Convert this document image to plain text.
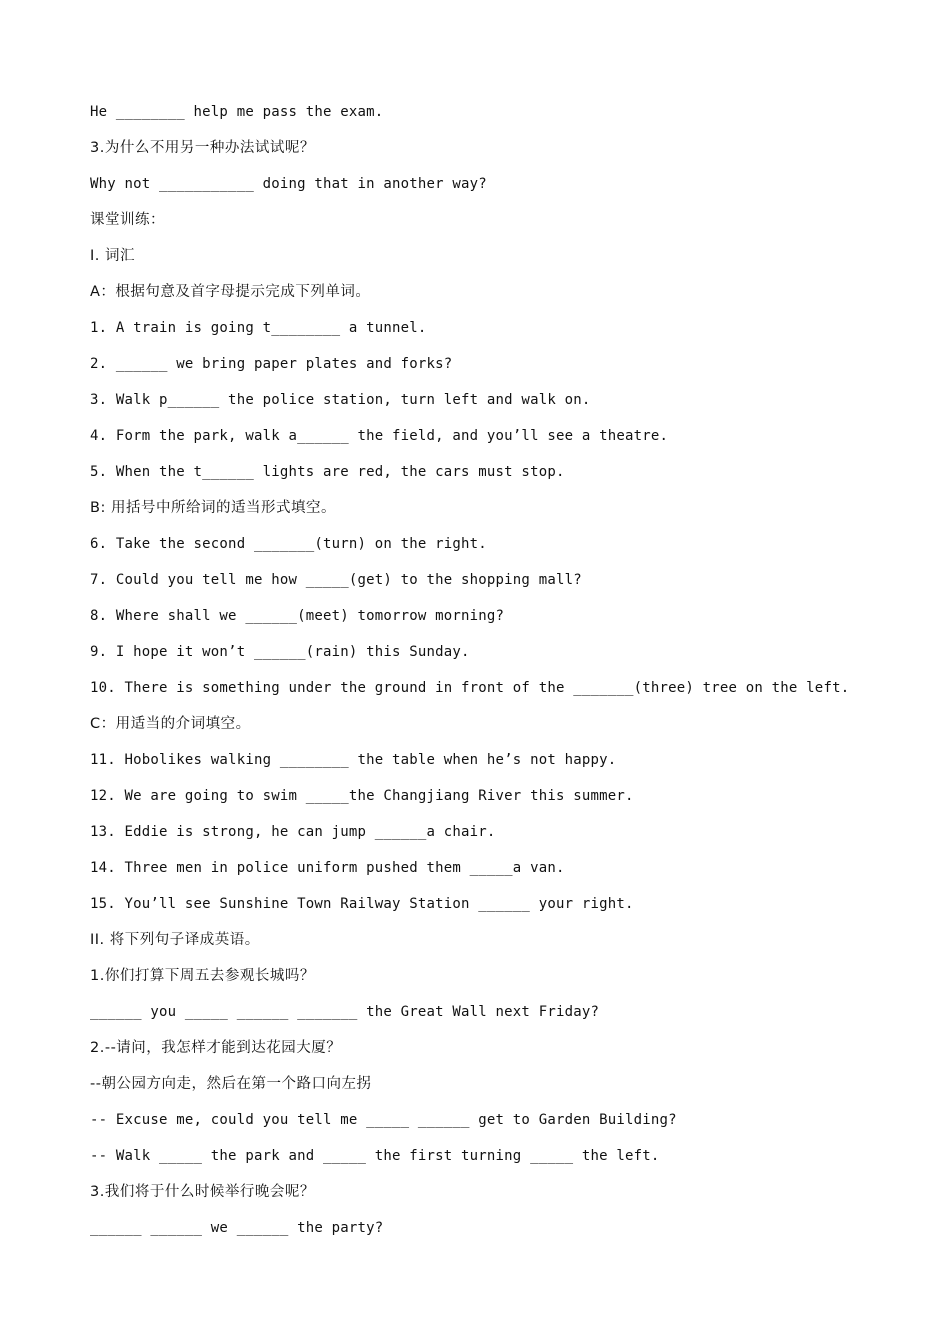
He ________ help me pass the exam.
3.为什么不用另一种办法试试呢？
Why not ___________ doing that in another way?
课堂训练：
I. 词汇
A：根据句意及首字母提示完成下列单词。
1. A train is going t________ a tunnel.
2. ______ we bring paper plates and forks?
3. Walk p______ the police station, turn left and walk on.
4. Form the park, walk a______ the field, and you’ll see a theatre.
5. When the t______ lights are red, the cars must stop.
B: 用括号中所给词的适当形式填空。
6. Take the second _______(turn) on the right.
7. Could you tell me how _____(get) to the shopping mall?
8. Where shall we ______(meet) tomorrow morning?
9. I hope it won’t ______(rain) this Sunday.
10. There is something under the ground in front of the _______(three) tree on the left.
C：用适当的介词填空。
11. Hobolikes walking ________ the table when he’s not happy.
12. We are going to swim _____the Changjiang River this summer.
13. Eddie is strong, he can jump ______a chair.
14. Three men in police uniform pushed them _____a van.
15. You’ll see Sunshine Town Railway Station ______ your right.
II. 将下列句子译成英语。
1.你们打算下周五去参观长城吗？
______ you _____ ______ _______ the Great Wall next Friday?
2.--请问，我怎样才能到达花园大厦？
--朝公园方向走，然后在第一个路口向左拐
-- Excuse me, could you tell me _____ ______ get to Garden Building?
-- Walk _____ the park and _____ the first turning _____ the left.
3.我们将于什么时候举行晚会呢？
______ ______ we ______ the party?
